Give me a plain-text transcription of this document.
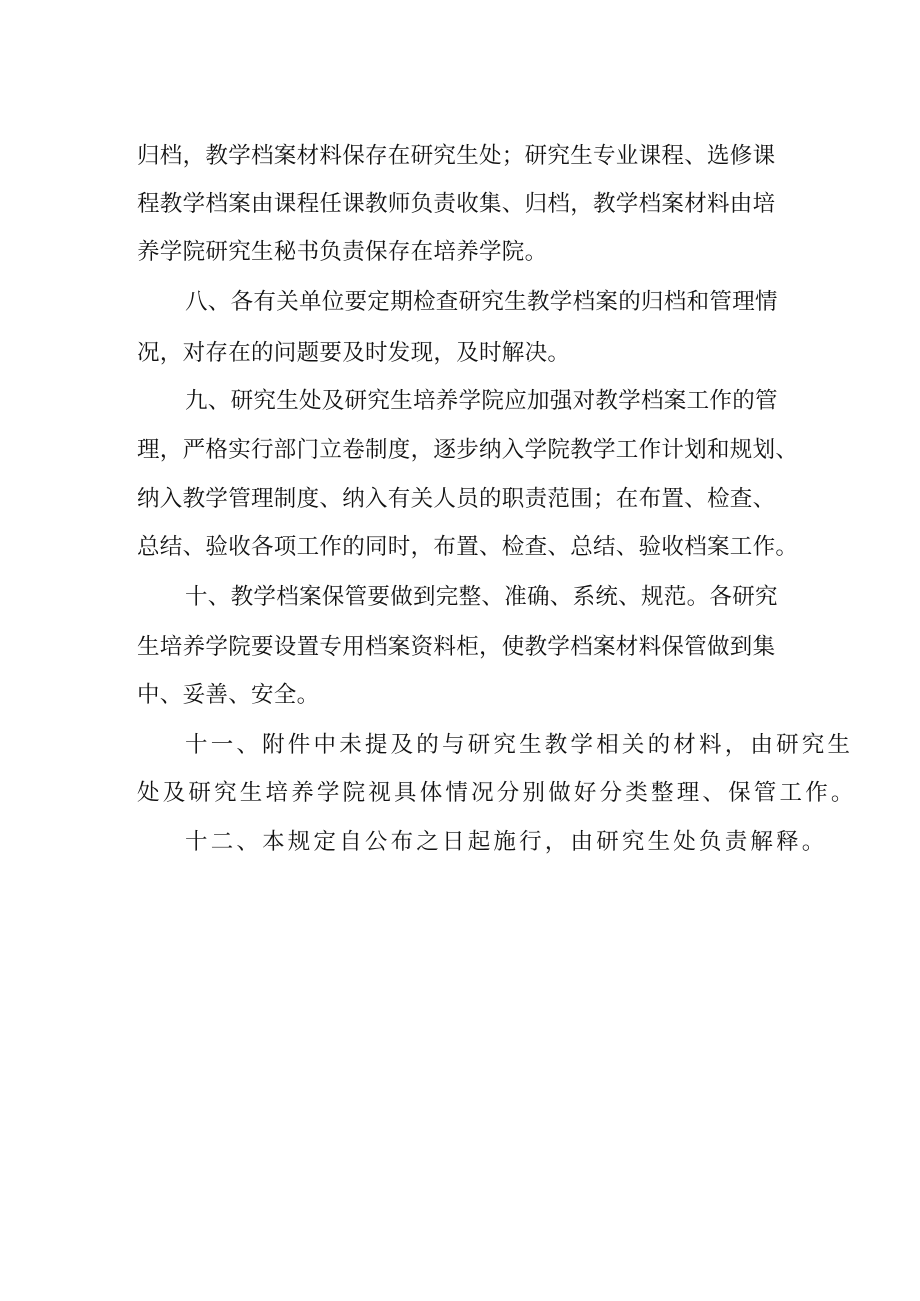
归档，教学档案材料保存在研究生处；研究生专业课程、选修课
程教学档案由课程任课教师负责收集、归档，教学档案材料由培
养学院研究生秘书负责保存在培养学院。
八、各有关单位要定期检查研究生教学档案的归档和管理情
况，对存在的问题要及时发现，及时解决。
九、研究生处及研究生培养学院应加强对教学档案工作的管
理，严格实行部门立卷制度，逐步纳入学院教学工作计划和规划、
纳入教学管理制度、纳入有关人员的职责范围；在布置、检查、
总结、验收各项工作的同时，布置、检查、总结、验收档案工作。
十、教学档案保管要做到完整、准确、系统、规范。各研究
生培养学院要设置专用档案资料柜，使教学档案材料保管做到集
中、妥善、安全。
十一、附件中未提及的与研究生教学相关的材料，由研究生
处及研究生培养学院视具体情况分别做好分类整理、保管工作。
十二、本规定自公布之日起施行，由研究生处负责解释。
